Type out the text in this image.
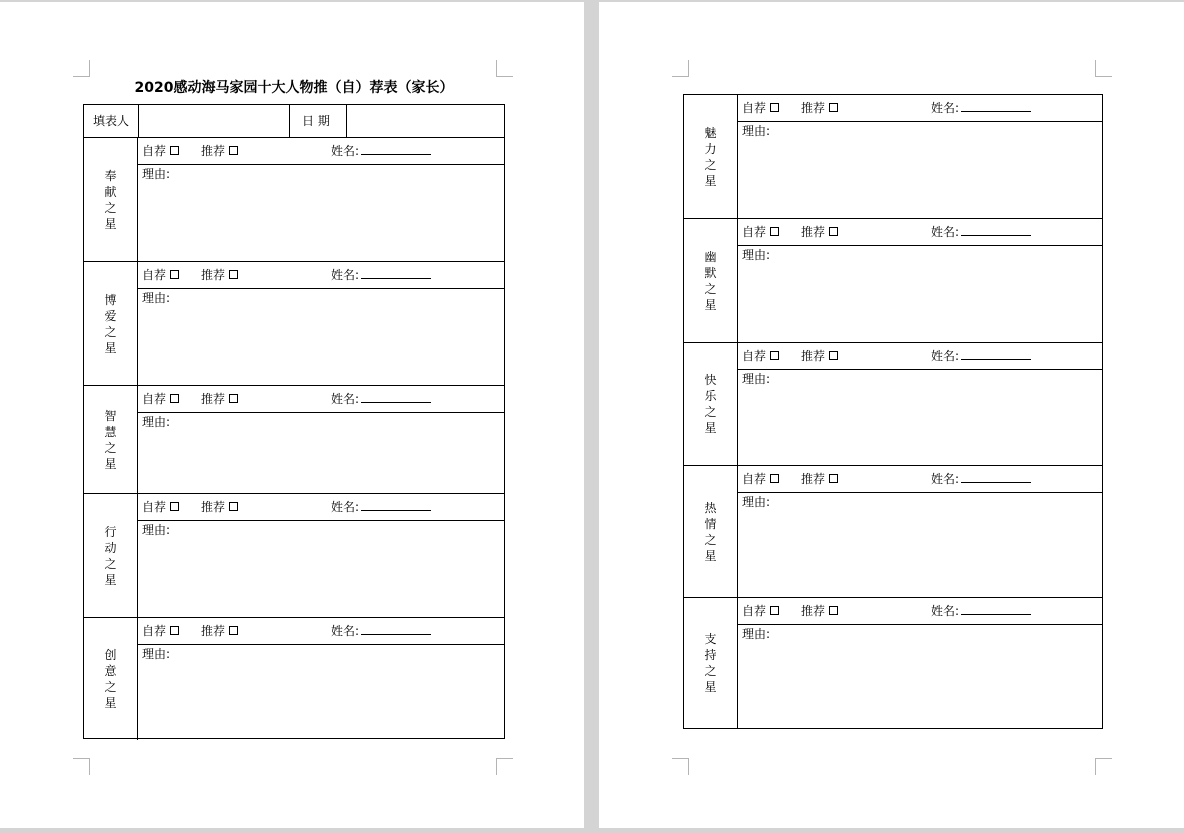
2020感动海马家园十大人物推（自）荐表（家长）
填表人	日 期
奉献之星
自荐	推荐	姓名:
理由:
博爱之星
自荐	推荐	姓名:
理由:
智慧之星
自荐	推荐	姓名:
理由:
行动之星
自荐	推荐	姓名:
理由:
创意之星
自荐	推荐	姓名:
理由:
魅力之星
自荐	推荐	姓名:
理由:
幽默之星
自荐	推荐	姓名:
理由:
快乐之星
自荐	推荐	姓名:
理由:
热情之星
自荐	推荐	姓名:
理由:
支持之星
自荐	推荐	姓名:
理由:
